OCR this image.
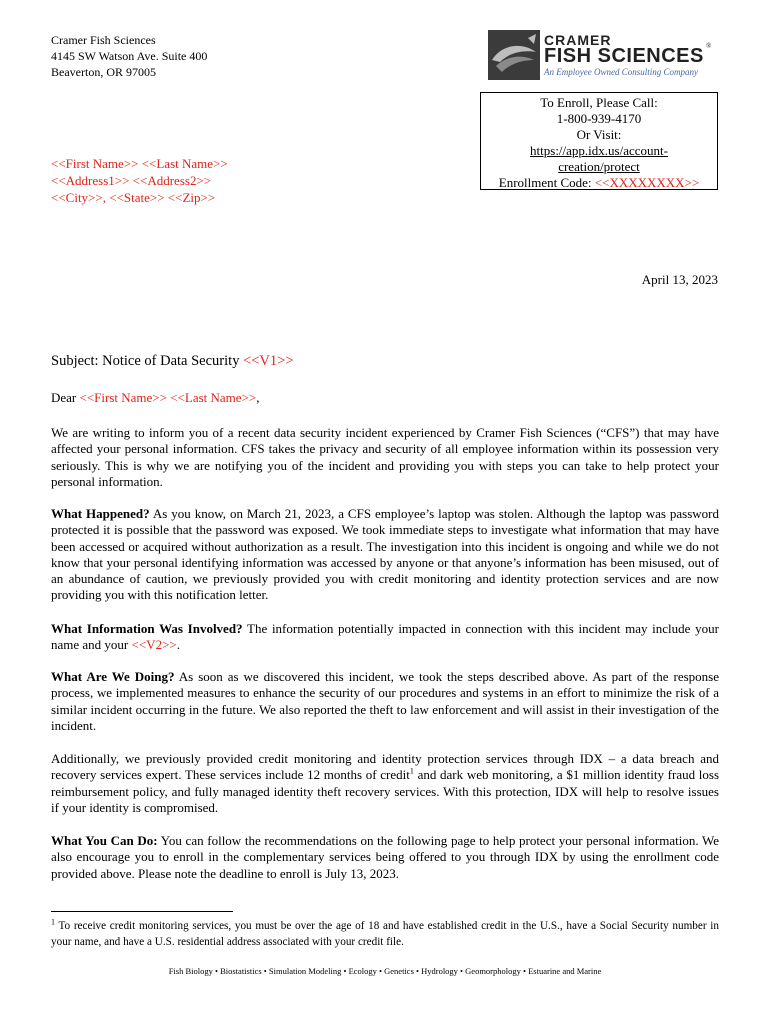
Cramer Fish Sciences
4145 SW Watson Ave. Suite 400
Beaverton, OR 97005
CRAMER
FISH SCIENCES ®
An Employee Owned Consulting Company
To Enroll, Please Call:
1-800-939-4170
Or Visit:
https://app.idx.us/account-
creation/protect
Enrollment Code: <<XXXXXXXX>>
<<First Name>> <<Last Name>>
<<Address1>> <<Address2>>
<<City>>, <<State>> <<Zip>>
April 13, 2023
Subject: Notice of Data Security <<V1>>
Dear <<First Name>> <<Last Name>>,
We are writing to inform you of a recent data security incident experienced by Cramer Fish Sciences (“CFS”) that may have affected your personal information. CFS takes the privacy and security of all employee information within its possession very seriously. This is why we are notifying you of the incident and providing you with steps you can take to help protect your personal information.
What Happened? As you know, on March 21, 2023, a CFS employee’s laptop was stolen. Although the laptop was password protected it is possible that the password was exposed. We took immediate steps to investigate what information that may have been accessed or acquired without authorization as a result. The investigation into this incident is ongoing and while we do not know that your personal identifying information was accessed by anyone or that anyone’s information has been misused, out of an abundance of caution, we previously provided you with credit monitoring and identity protection services and are now providing you with this notification letter.
What Information Was Involved? The information potentially impacted in connection with this incident may include your name and your <<V2>>.
What Are We Doing? As soon as we discovered this incident, we took the steps described above. As part of the response process, we implemented measures to enhance the security of our procedures and systems in an effort to minimize the risk of a similar incident occurring in the future. We also reported the theft to law enforcement and will assist in their investigation of the incident.
Additionally, we previously provided credit monitoring and identity protection services through IDX – a data breach and recovery services expert. These services include 12 months of credit$^1$ and dark web monitoring, a $1 million identity fraud loss reimbursement policy, and fully managed identity theft recovery services. With this protection, IDX will help to resolve issues if your identity is compromised.
What You Can Do: You can follow the recommendations on the following page to help protect your personal information. We also encourage you to enroll in the complementary services being offered to you through IDX by using the enrollment code provided above. Please note the deadline to enroll is July 13, 2023.
$^1$ To receive credit monitoring services, you must be over the age of 18 and have established credit in the U.S., have a Social Security number in your name, and have a U.S. residential address associated with your credit file.
Fish Biology • Biostatistics • Simulation Modeling • Ecology • Genetics • Hydrology • Geomorphology • Estuarine and Marine
